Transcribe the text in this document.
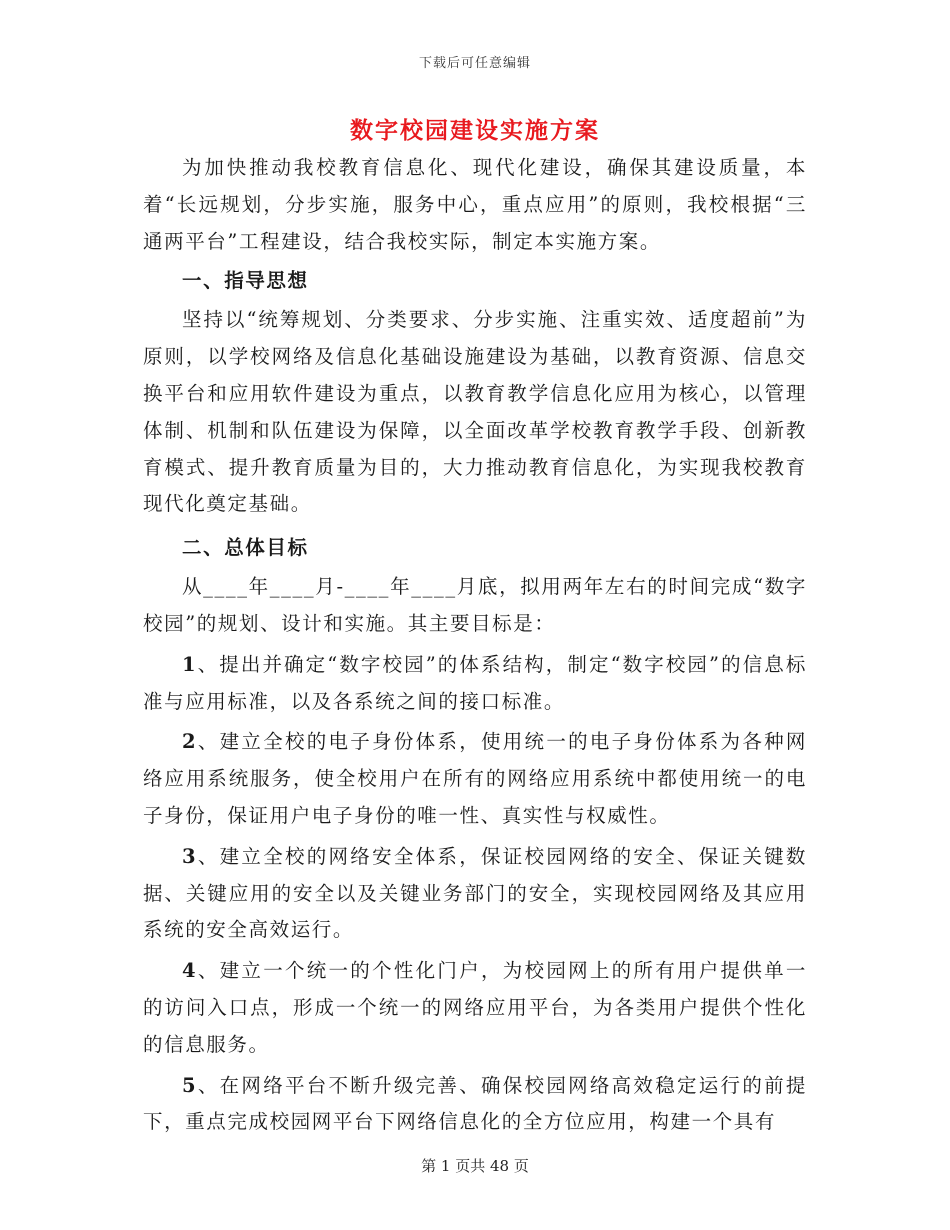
下载后可任意编辑
数字校园建设实施方案

为加快推动我校教育信息化、现代化建设，确保其建设质量，本着“长远规划，分步实施，服务中心，重点应用”的原则，我校根据“三通两平台”工程建设，结合我校实际，制定本实施方案。

一、指导思想

坚持以“统筹规划、分类要求、分步实施、注重实效、适度超前”为原则，以学校网络及信息化基础设施建设为基础，以教育资源、信息交换平台和应用软件建设为重点，以教育教学信息化应用为核心，以管理体制、机制和队伍建设为保障，以全面改革学校教育教学手段、创新教育模式、提升教育质量为目的，大力推动教育信息化，为实现我校教育现代化奠定基础。

二、总体目标

从____年____月-____年____月底，拟用两年左右的时间完成“数字校园”的规划、设计和实施。其主要目标是：

1、提出并确定“数字校园”的体系结构，制定“数字校园”的信息标准与应用标准，以及各系统之间的接口标准。

2、建立全校的电子身份体系，使用统一的电子身份体系为各种网络应用系统服务，使全校用户在所有的网络应用系统中都使用统一的电子身份，保证用户电子身份的唯一性、真实性与权威性。

3、建立全校的网络安全体系，保证校园网络的安全、保证关键数据、关键应用的安全以及关键业务部门的安全，实现校园网络及其应用系统的安全高效运行。

4、建立一个统一的个性化门户，为校园网上的所有用户提供单一的访问入口点，形成一个统一的网络应用平台，为各类用户提供个性化的信息服务。

5、在网络平台不断升级完善、确保校园网络高效稳定运行的前提下，重点完成校园网平台下网络信息化的全方位应用，构建一个具有

第 1 页共 48 页
